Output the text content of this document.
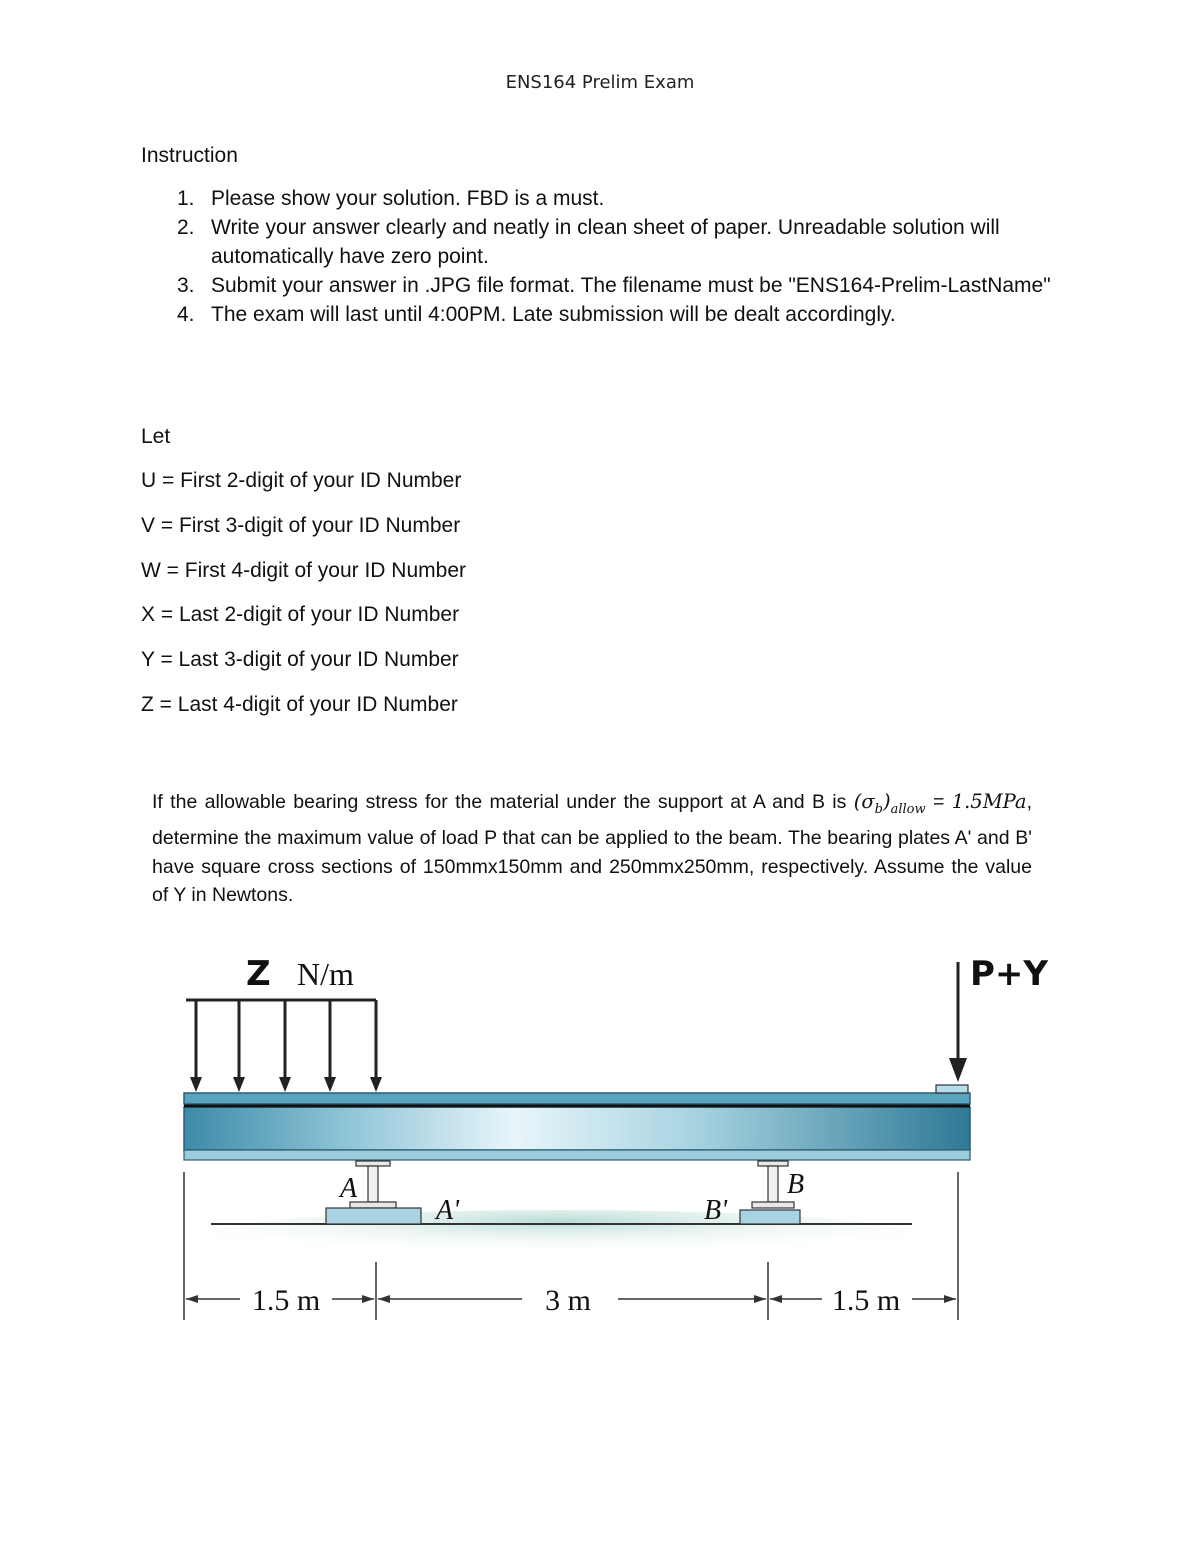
ENS164 Prelim Exam
Instruction
1. Please show your solution. FBD is a must.
2. Write your answer clearly and neatly in clean sheet of paper. Unreadable solution will automatically have zero point.
3. Submit your answer in .JPG file format. The filename must be "ENS164-Prelim-LastName"
4. The exam will last until 4:00PM. Late submission will be dealt accordingly.
Let
U = First 2-digit of your ID Number
V = First 3-digit of your ID Number
W = First 4-digit of your ID Number
X = Last 2-digit of your ID Number
Y = Last 3-digit of your ID Number
Z = Last 4-digit of your ID Number

If the allowable bearing stress for the material under the support at A and B is $(\sigma_b)_{allow} = 1.5MPa$, determine the maximum value of load P that can be applied to the beam. The bearing plates A' and B' have square cross sections of 150mmx150mm and 250mmx250mm, respectively. Assume the value of Y in Newtons.

Z N/m	P+Y
A
A'	B'
B
1.5 m	3 m	1.5 m
